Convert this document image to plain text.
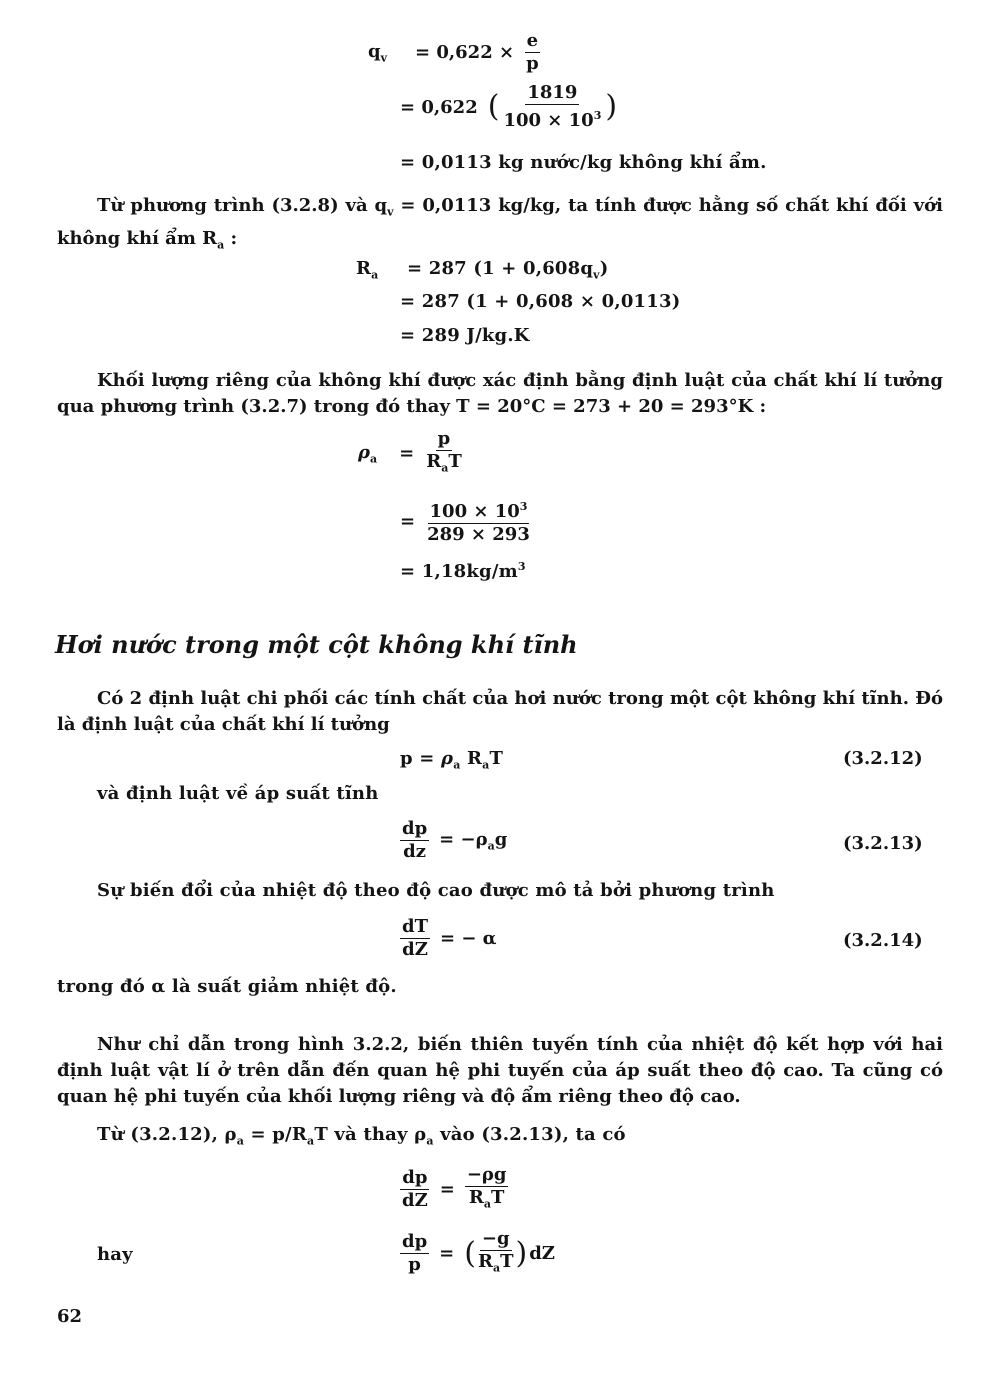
$q_v = 0,622 \times \frac{e}{p}$
= 0,622 ( $\frac{1819}{100 \times 10^3}$ )
= 0,0113 kg nước/kg không khí ẩm.
Từ phương trình (3.2.8) và $q_v = 0,0113$ kg/kg, ta tính được hằng số chất khí đối với không khí ẩm $R_a$ :
$R_a = 287$ $(1 + 0,608q_v)$
= 287 (1 + 0,608 × 0,0113)
= 289 J/kg.K
Khối lượng riêng của không khí được xác định bằng định luật của chất khí lí tưởng qua phương trình (3.2.7) trong đó thay T = 20°C = 273 + 20 = 293°K :
$\rho_a = \frac{p}{R_aT}$
= $\frac{100 \times 10^3}{289 \times 293}$
= $1,18kg/m^3$
Hơi nước trong một cột không khí tĩnh
Có 2 định luật chi phối các tính chất của hơi nước trong một cột không khí tĩnh. Đó là định luật của chất khí lí tưởng
$p = \rho_a$ $R_aT$	(3.2.12)
và định luật về áp suất tĩnh
$\frac{dp}{dz} = -\rho_ag$	(3.2.13)
Sự biến đổi của nhiệt độ theo độ cao được mô tả bởi phương trình
$\frac{dT}{dZ}$ = − α	(3.2.14)
trong đó α là suất giảm nhiệt độ.
Như chỉ dẫn trong hình 3.2.2, biến thiên tuyến tính của nhiệt độ kết hợp với hai định luật vật lí ở trên dẫn đến quan hệ phi tuyến của áp suất theo độ cao. Ta cũng có quan hệ phi tuyến của khối lượng riêng và độ ẩm riêng theo độ cao.
Từ (3.2.12), $\rho_a = p/R_aT$ và thay $\rho_a$ vào (3.2.13), ta có
$\frac{dp}{dZ} = \frac{-\rho g}{R_aT}$
hay	$\frac{dp}{p}$ = ( $\frac{-g}{R_aT}$ ) dZ
62
